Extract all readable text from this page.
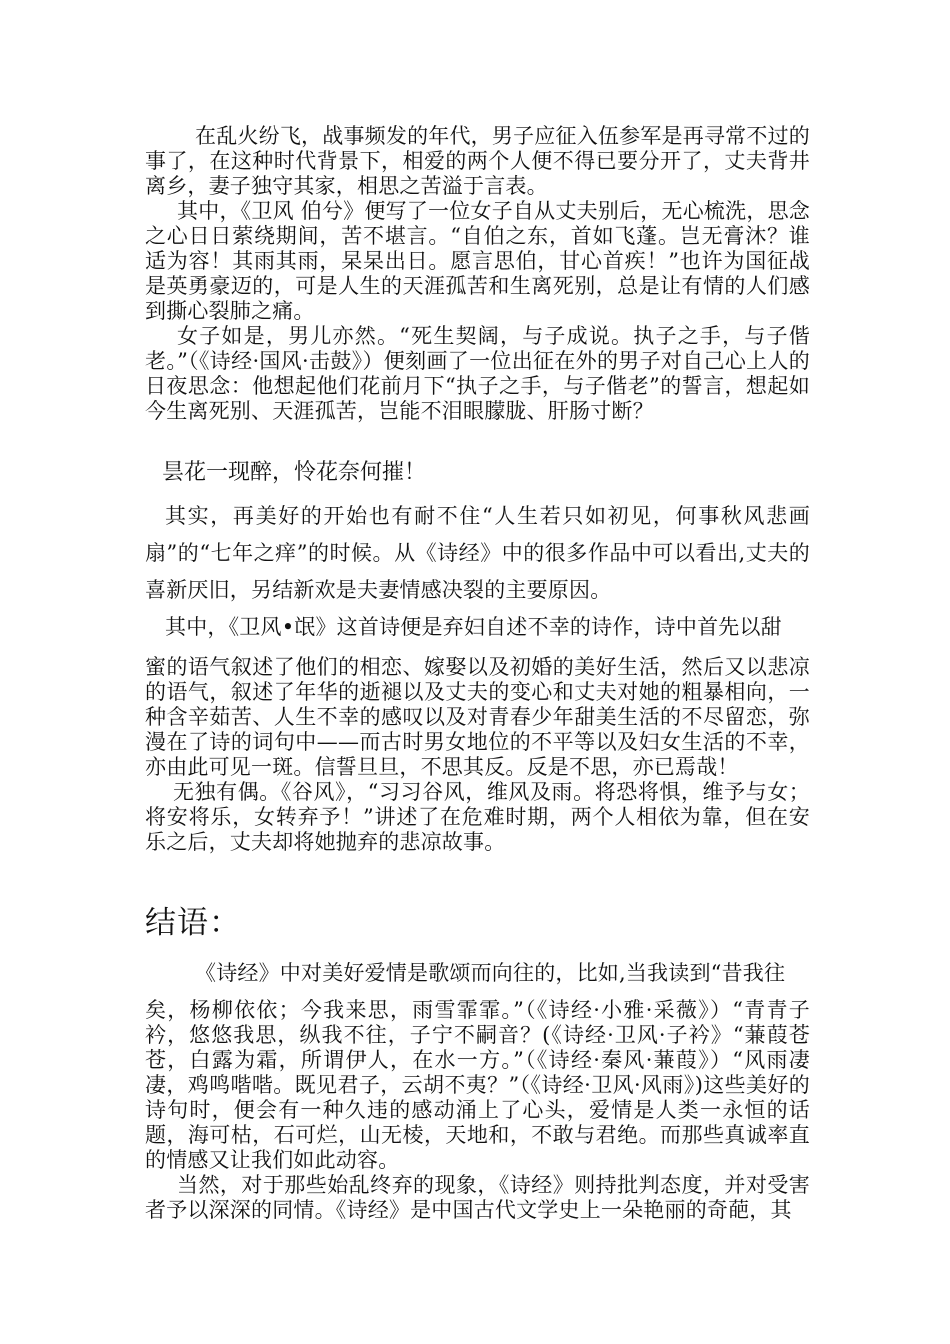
在乱火纷飞，战事频发的年代，男子应征入伍参军是再寻常不过的事了，在这种时代背景下，相爱的两个人便不得已要分开了，丈夫背井离乡，妻子独守其家，相思之苦溢于言表。

其中，《卫风 伯兮》便写了一位女子自从丈夫别后，无心梳洗，思念之心日日萦绕期间，苦不堪言。“自伯之东，首如飞蓬。岂无膏沐？谁适为容！其雨其雨，杲杲出日。愿言思伯，甘心首疾！”也许为国征战是英勇豪迈的，可是人生的天涯孤苦和生离死别，总是让有情的人们感到撕心裂肺之痛。

女子如是，男儿亦然。“死生契阔，与子成说。执子之手，与子偕老。”（《诗经·国风·击鼓》）便刻画了一位出征在外的男子对自己心上人的日夜思念：他想起他们花前月下“执子之手，与子偕老”的誓言，想起如今生离死别、天涯孤苦，岂能不泪眼朦胧、肝肠寸断？

昙花一现醉，怜花奈何摧！

其实，再美好的开始也有耐不住“人生若只如初见，何事秋风悲画扇”的“七年之痒”的时候。从《诗经》中的很多作品中可以看出,丈夫的喜新厌旧，另结新欢是夫妻情感决裂的主要原因。

其中，《卫风•氓》这首诗便是弃妇自述不幸的诗作，诗中首先以甜

蜜的语气叙述了他们的相恋、嫁娶以及初婚的美好生活，然后又以悲凉的语气，叙述了年华的逝褪以及丈夫的变心和丈夫对她的粗暴相向，一种含辛茹苦、人生不幸的感叹以及对青春少年甜美生活的不尽留恋，弥漫在了诗的词句中——而古时男女地位的不平等以及妇女生活的不幸，亦由此可见一斑。信誓旦旦，不思其反。反是不思，亦已焉哉！

无独有偶。《谷风》，“习习谷风，维风及雨。将恐将惧，维予与女；将安将乐，女转弃予！”讲述了在危难时期，两个人相依为靠，但在安乐之后，丈夫却将她抛弃的悲凉故事。

结语：

《诗经》中对美好爱情是歌颂而向往的，比如,当我读到“昔我往

矣，杨柳依依；今我来思，雨雪霏霏。”（《诗经·小雅·采薇》）“青青子衿，悠悠我思，纵我不往，子宁不嗣音？(《诗经·卫风·子衿》“蒹葭苍苍，白露为霜，所谓伊人，在水一方。”（《诗经·秦风·蒹葭》）“风雨凄凄，鸡鸣喈喈。既见君子，云胡不夷？”（《诗经·卫风·风雨》)这些美好的诗句时，便会有一种久违的感动涌上了心头，爱情是人类一永恒的话题，海可枯，石可烂，山无棱，天地和，不敢与君绝。而那些真诚率直的情感又让我们如此动容。

当然，对于那些始乱终弃的现象，《诗经》则持批判态度，并对受害者予以深深的同情。《诗经》是中国古代文学史上一朵艳丽的奇葩，其
